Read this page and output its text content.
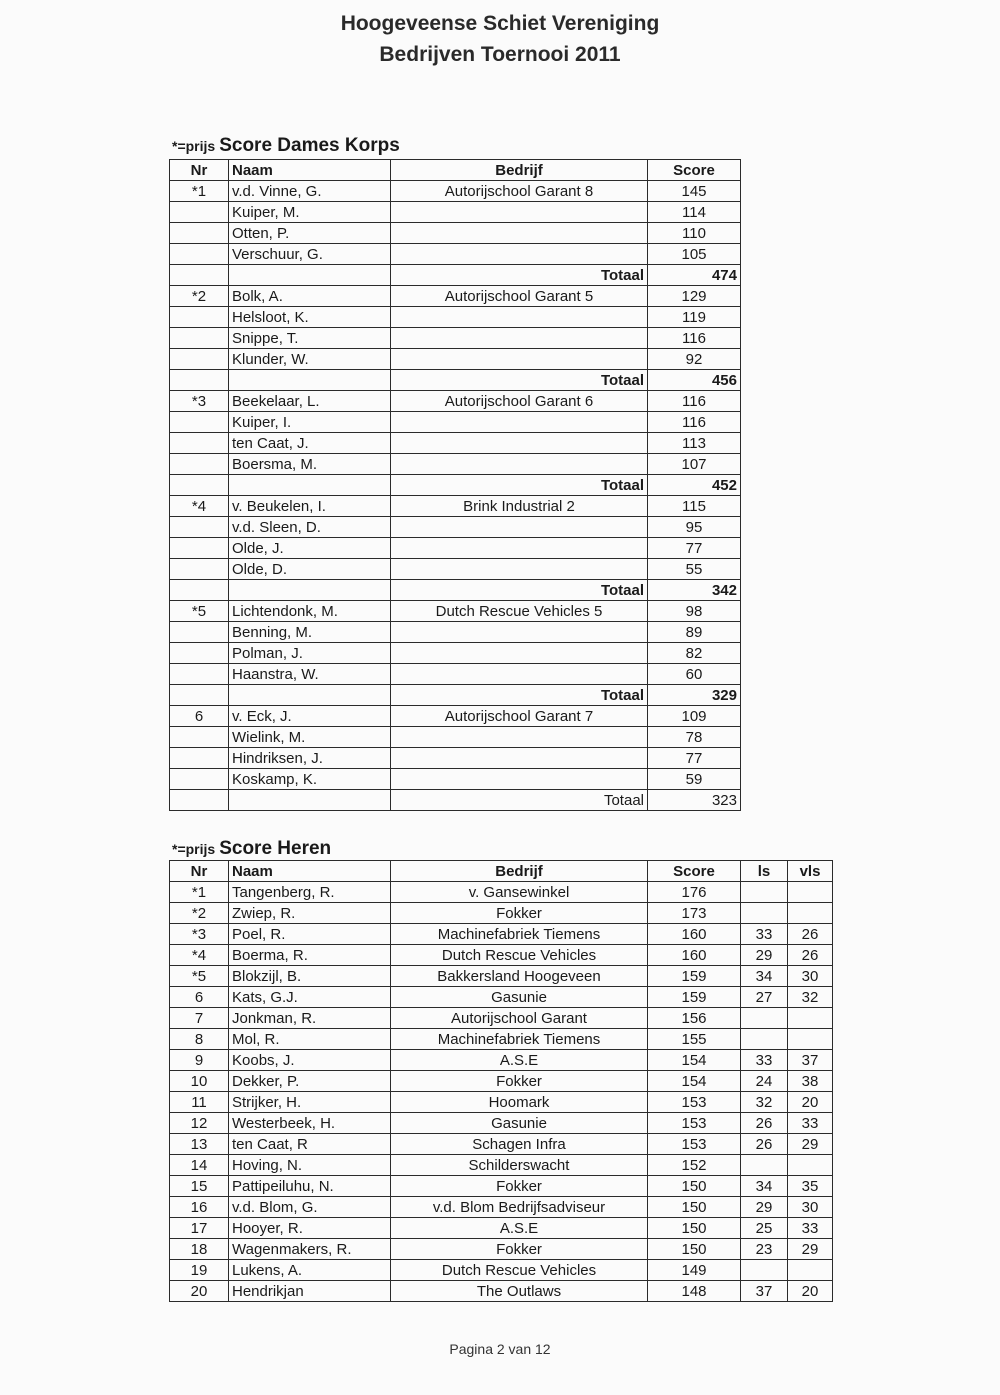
Hoogeveense Schiet Vereniging
Bedrijven Toernooi 2011
*=prijs Score Dames Korps
Nr	Naam	Bedrijf	Score
*1	v.d. Vinne, G.	Autorijschool Garant 8	145
	Kuiper, M.		114
	Otten, P.		110
	Verschuur, G.		105
		Totaal	474
*2	Bolk, A.	Autorijschool Garant 5	129
	Helsloot, K.		119
	Snippe, T.		116
	Klunder, W.		92
		Totaal	456
*3	Beekelaar, L.	Autorijschool Garant 6	116
	Kuiper, I.		116
	ten Caat, J.		113
	Boersma, M.		107
		Totaal	452
*4	v. Beukelen, I.	Brink Industrial 2	115
	v.d. Sleen, D.		95
	Olde, J.		77
	Olde, D.		55
		Totaal	342
*5	Lichtendonk, M.	Dutch Rescue Vehicles 5	98
	Benning, M.		89
	Polman, J.		82
	Haanstra, W.		60
		Totaal	329
6	v. Eck, J.	Autorijschool Garant 7	109
	Wielink, M.		78
	Hindriksen, J.		77
	Koskamp, K.		59
		Totaal	323
*=prijs Score Heren
Nr	Naam	Bedrijf	Score	ls	vls
*1	Tangenberg, R.	v. Gansewinkel	176		
*2	Zwiep, R.	Fokker	173		
*3	Poel, R.	Machinefabriek Tiemens	160	33	26
*4	Boerma, R.	Dutch Rescue Vehicles	160	29	26
*5	Blokzijl, B.	Bakkersland Hoogeveen	159	34	30
6	Kats, G.J.	Gasunie	159	27	32
7	Jonkman, R.	Autorijschool Garant	156		
8	Mol, R.	Machinefabriek Tiemens	155		
9	Koobs, J.	A.S.E	154	33	37
10	Dekker, P.	Fokker	154	24	38
11	Strijker, H.	Hoomark	153	32	20
12	Westerbeek, H.	Gasunie	153	26	33
13	ten Caat, R	Schagen Infra	153	26	29
14	Hoving, N.	Schilderswacht	152		
15	Pattipeiluhu, N.	Fokker	150	34	35
16	v.d. Blom, G.	v.d. Blom Bedrijfsadviseur	150	29	30
17	Hooyer, R.	A.S.E	150	25	33
18	Wagenmakers, R.	Fokker	150	23	29
19	Lukens, A.	Dutch Rescue Vehicles	149		
20	Hendrikjan	The Outlaws	148	37	20
Pagina 2 van 12
